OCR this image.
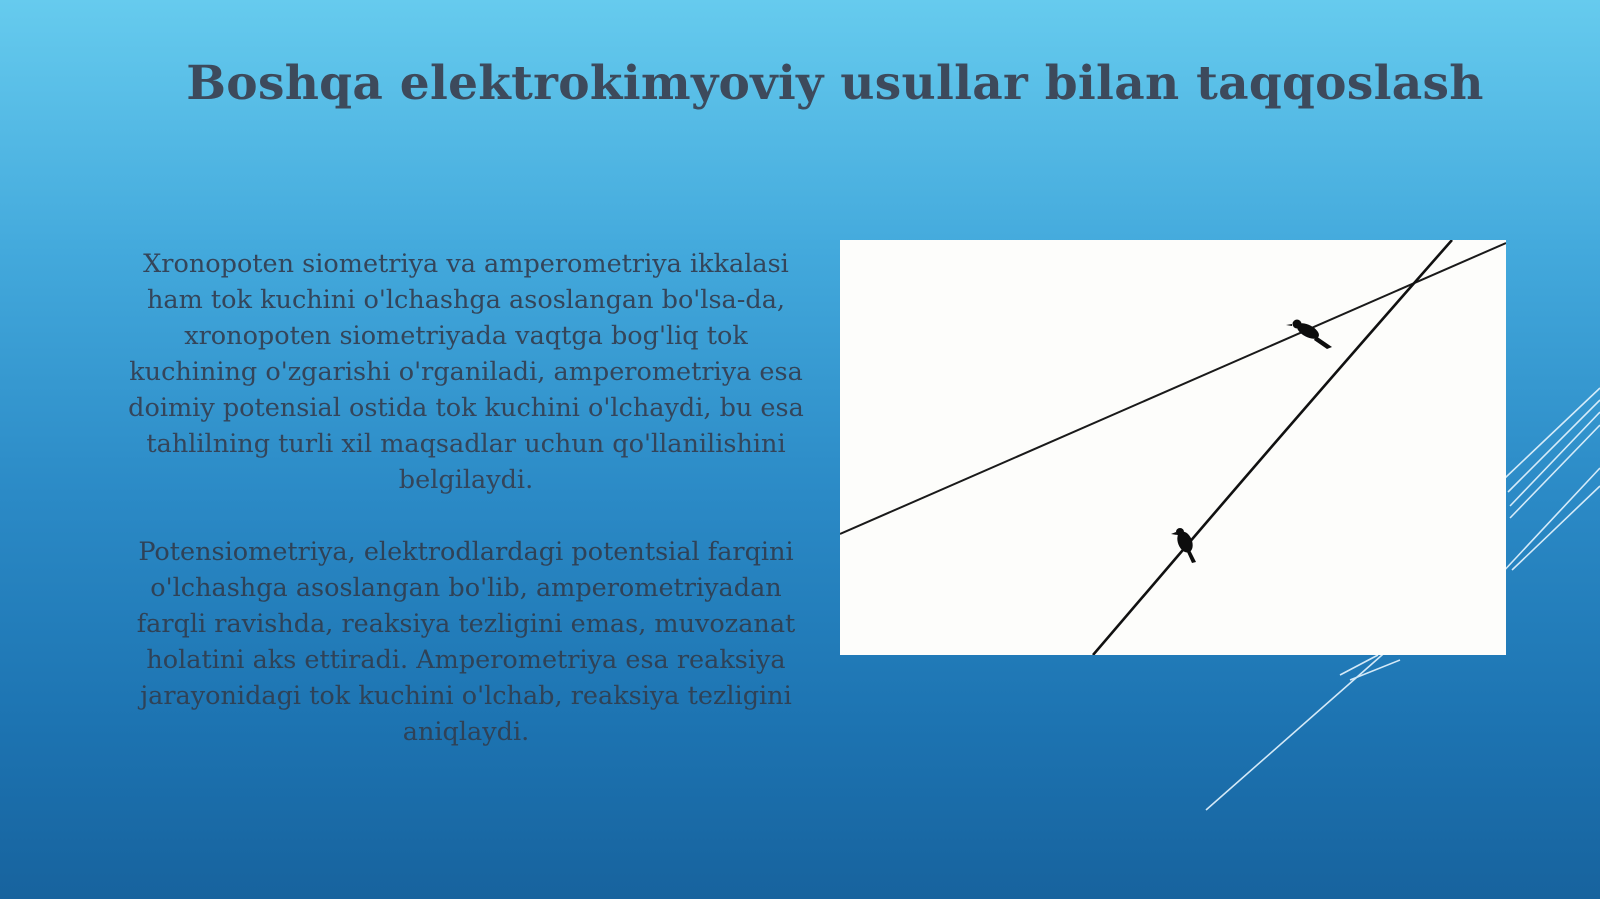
Boshqa elektrokimyoviy usullar bilan taqqoslash

Xronopoten siometriya va amperometriya ikkalasi ham tok kuchini o'lchashga asoslangan bo'lsa-da, xronopoten siometriyada vaqtga bog'liq tok kuchining o'zgarishi o'rganiladi, amperometriya esa doimiy potensial ostida tok kuchini o'lchaydi, bu esa tahlilning turli xil maqsadlar uchun qo'llanilishini belgilaydi.

Potensiometriya, elektrodlardagi potentsial farqini o'lchashga asoslangan bo'lib, amperometriyadan farqli ravishda, reaksiya tezligini emas, muvozanat holatini aks ettiradi. Amperometriya esa reaksiya jarayonidagi tok kuchini o'lchab, reaksiya tezligini aniqlaydi.
